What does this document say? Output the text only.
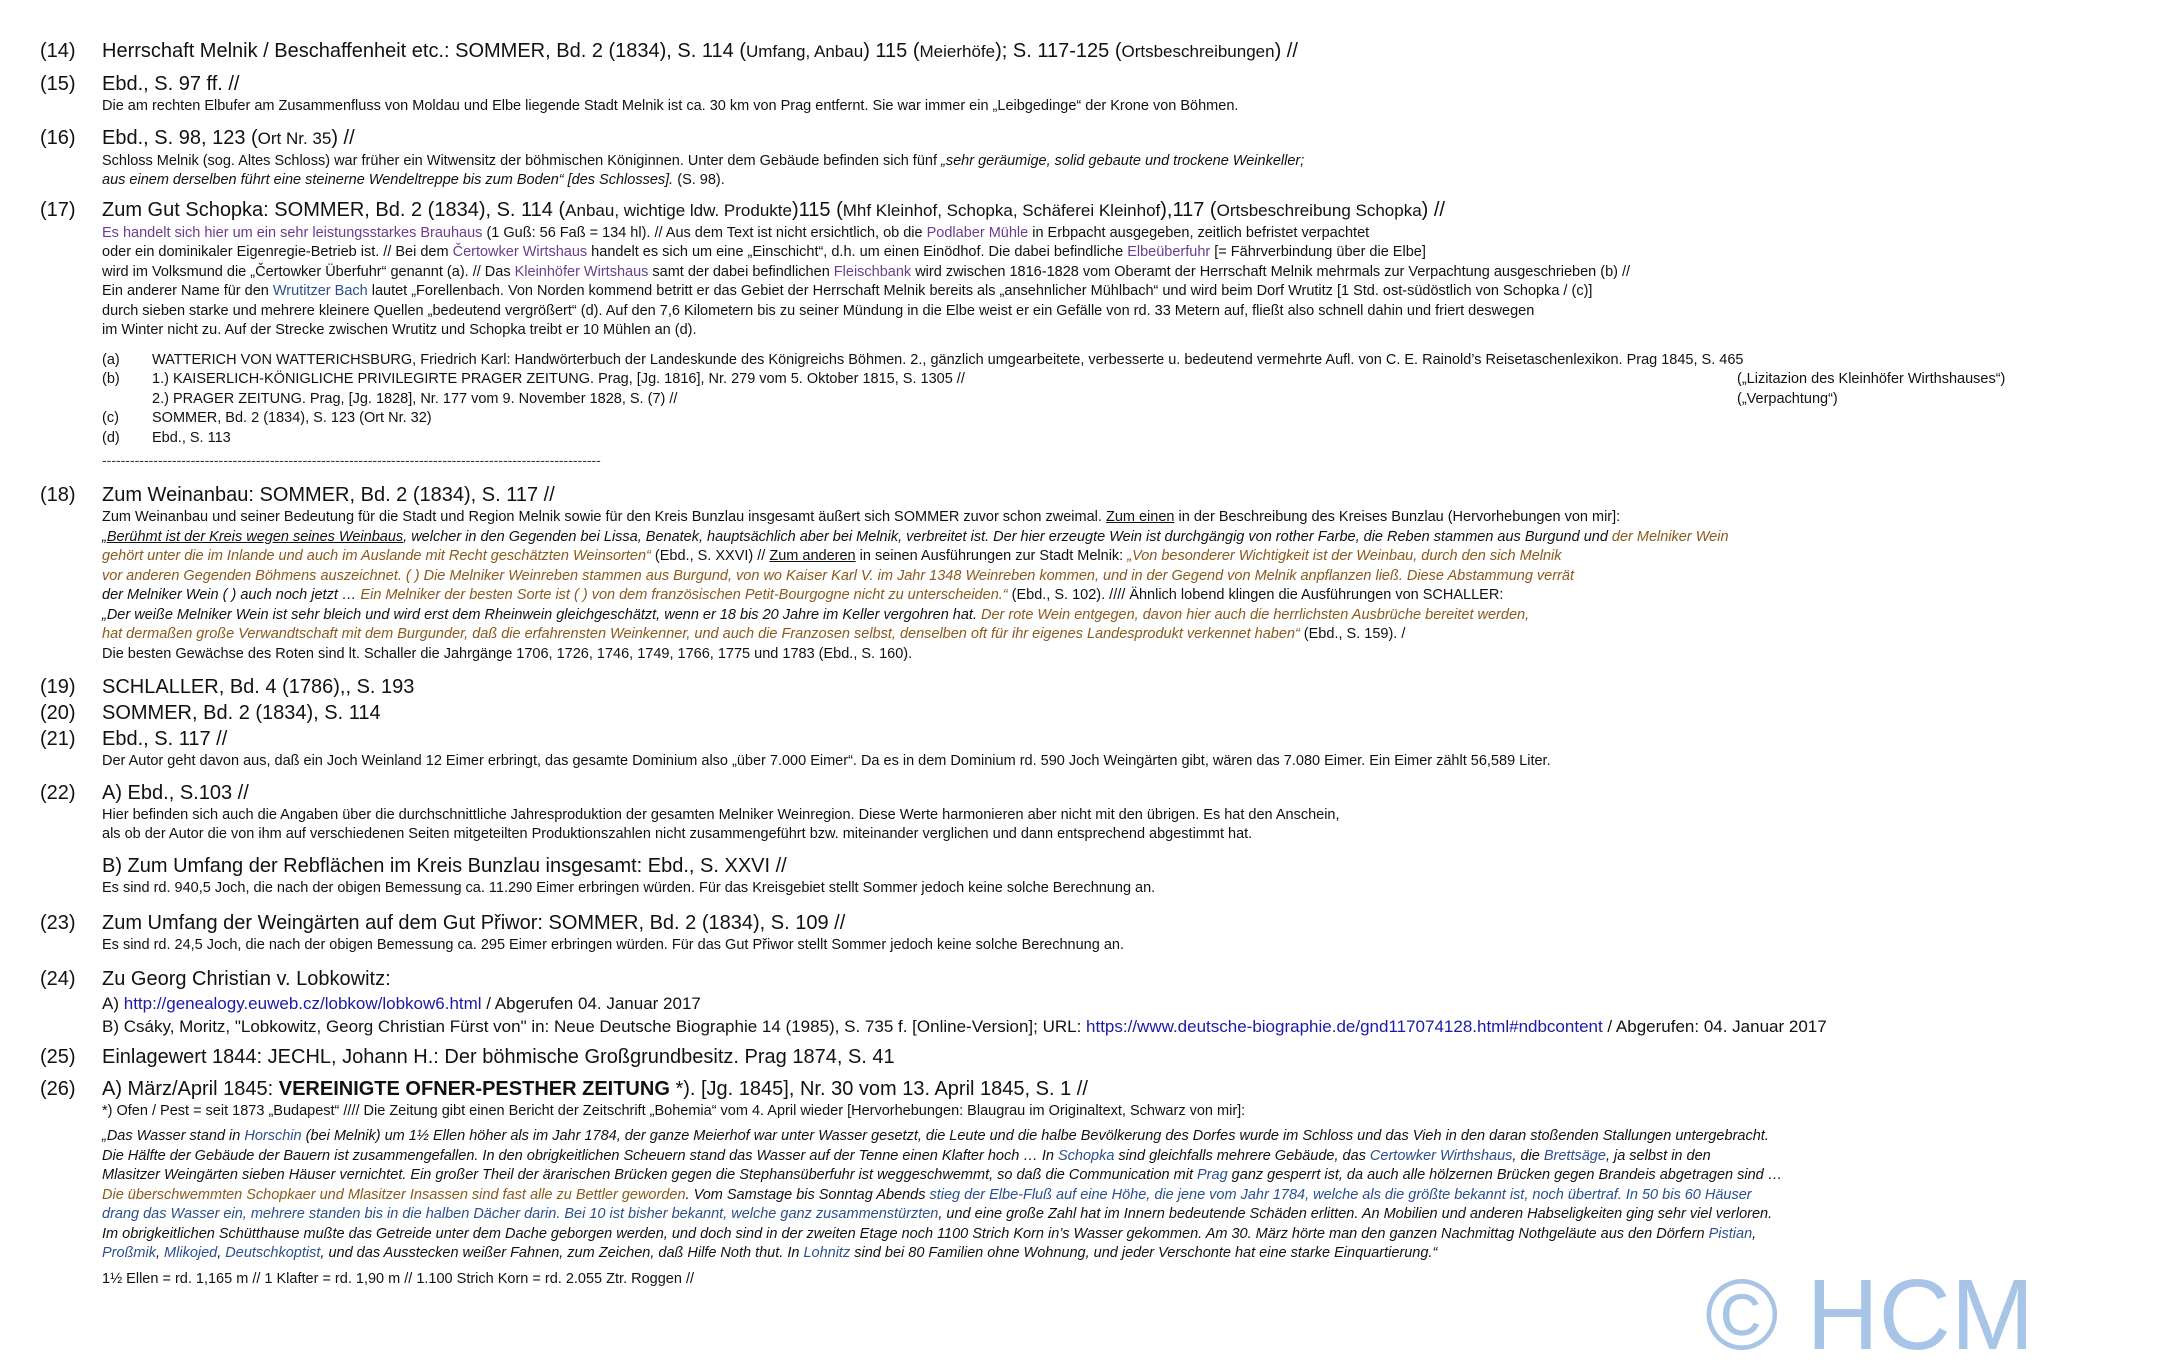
(14) Herrschaft Melnik / Beschaffenheit etc.: SOMMER, Bd. 2 (1834), S. 114 (Umfang, Anbau) 115 (Meierhöfe); S. 117-125 (Ortsbeschreibungen) //
(15) Ebd., S. 97 ff. //
Die am rechten Elbufer am Zusammenfluss von Moldau und Elbe liegende Stadt Melnik ist ca. 30 km von Prag entfernt. Sie war immer ein „Leibgedinge“ der Krone von Böhmen.
(16) Ebd., S. 98, 123 (Ort Nr. 35) //
Schloss Melnik (sog. Altes Schloss) war früher ein Witwensitz der böhmischen Königinnen. Unter dem Gebäude befinden sich fünf „sehr geräumige, solid gebaute und trockene Weinkeller;
aus einem derselben führt eine steinerne Wendeltreppe bis zum Boden“ [des Schlosses]. (S. 98).
(17) Zum Gut Schopka: SOMMER, Bd. 2 (1834), S. 114 (Anbau, wichtige ldw. Produkte)115 (Mhf Kleinhof, Schopka, Schäferei Kleinhof),117 (Ortsbeschreibung Schopka) //
Es handelt sich hier um ein sehr leistungsstarkes Brauhaus (1 Guß: 56 Faß = 134 hl). // Aus dem Text ist nicht ersichtlich, ob die Podlaber Mühle in Erbpacht ausgegeben, zeitlich befristet verpachtet
oder ein dominikaler Eigenregie-Betrieb ist. // Bei dem Čertowker Wirtshaus handelt es sich um eine „Einschicht“, d.h. um einen Einödhof. Die dabei befindliche Elbeüberfuhr [= Fährverbindung über die Elbe]
wird im Volksmund die „Čertowker Überfuhr“ genannt (a). // Das Kleinhöfer Wirtshaus samt der dabei befindlichen Fleischbank wird zwischen 1816-1828 vom Oberamt der Herrschaft Melnik mehrmals zur Verpachtung ausgeschrieben (b) //
Ein anderer Name für den Wrutitzer Bach lautet „Forellenbach. Von Norden kommend betritt er das Gebiet der Herrschaft Melnik bereits als „ansehnlicher Mühlbach“ und wird beim Dorf Wrutitz [1 Std. ost-südöstlich von Schopka / (c)]
durch sieben starke und mehrere kleinere Quellen „bedeutend vergrößert“ (d). Auf den 7,6 Kilometern bis zu seiner Mündung in die Elbe weist er ein Gefälle von rd. 33 Metern auf, fließt also schnell dahin und friert deswegen
im Winter nicht zu. Auf der Strecke zwischen Wrutitz und Schopka treibt er 10 Mühlen an (d).
(a)	WATTERICH VON WATTERICHSBURG, Friedrich Karl: Handwörterbuch der Landeskunde des Königreichs Böhmen. 2., gänzlich umgearbeitete, verbesserte u. bedeutend vermehrte Aufl. von C. E. Rainold’s Reisetaschenlexikon. Prag 1845, S. 465
(b)	1.) KAISERLICH-KÖNIGLICHE PRIVILEGIRTE PRAGER ZEITUNG. Prag, [Jg. 1816], Nr. 279 vom 5. Oktober 1815, S. 1305 //	(„Lizitazion des Kleinhöfer Wirthshauses“)
2.) PRAGER ZEITUNG. Prag, [Jg. 1828], Nr. 177 vom 9. November 1828, S. (7) //	(„Verpachtung“)
(c)	SOMMER, Bd. 2 (1834), S. 123 (Ort Nr. 32)
(d)	Ebd., S. 113
-----------------------------------------------------------------------------------------------------------
(18) Zum Weinanbau: SOMMER, Bd. 2 (1834), S. 117 //
Zum Weinanbau und seiner Bedeutung für die Stadt und Region Melnik sowie für den Kreis Bunzlau insgesamt äußert sich SOMMER zuvor schon zweimal. Zum einen in der Beschreibung des Kreises Bunzlau (Hervorhebungen von mir]:
„Berühmt ist der Kreis wegen seines Weinbaus, welcher in den Gegenden bei Lissa, Benatek, hauptsächlich aber bei Melnik, verbreitet ist. Der hier erzeugte Wein ist durchgängig von rother Farbe, die Reben stammen aus Burgund und der Melniker Wein
gehört unter die im Inlande und auch im Auslande mit Recht geschätzten Weinsorten“ (Ebd., S. XXVI) // Zum anderen in seinen Ausführungen zur Stadt Melnik: „Von besonderer Wichtigkeit ist der Weinbau, durch den sich Melnik
vor anderen Gegenden Böhmens auszeichnet. ( ) Die Melniker Weinreben stammen aus Burgund, von wo Kaiser Karl V. im Jahr 1348 Weinreben kommen, und in der Gegend von Melnik anpflanzen ließ. Diese Abstammung verrät
der Melniker Wein ( ) auch noch jetzt … Ein Melniker der besten Sorte ist ( ) von dem französischen Petit-Bourgogne nicht zu unterscheiden.“ (Ebd., S. 102). //// Ähnlich lobend klingen die Ausführungen von SCHALLER:
„Der weiße Melniker Wein ist sehr bleich und wird erst dem Rheinwein gleichgeschätzt, wenn er 18 bis 20 Jahre im Keller vergohren hat. Der rote Wein entgegen, davon hier auch die herrlichsten Ausbrüche bereitet werden,
hat dermaßen große Verwandtschaft mit dem Burgunder, daß die erfahrensten Weinkenner, und auch die Franzosen selbst, denselben oft für ihr eigenes Landesprodukt verkennet haben“ (Ebd., S. 159). /
Die besten Gewächse des Roten sind lt. Schaller die Jahrgänge 1706, 1726, 1746, 1749, 1766, 1775 und 1783 (Ebd., S. 160).
(19) SCHLALLER, Bd. 4 (1786),, S. 193
(20) SOMMER, Bd. 2 (1834), S. 114
(21) Ebd., S. 117 //
Der Autor geht davon aus, daß ein Joch Weinland 12 Eimer erbringt, das gesamte Dominium also „über 7.000 Eimer“. Da es in dem Dominium rd. 590 Joch Weingärten gibt, wären das 7.080 Eimer. Ein Eimer zählt 56,589 Liter.
(22) A) Ebd., S.103 //
Hier befinden sich auch die Angaben über die durchschnittliche Jahresproduktion der gesamten Melniker Weinregion. Diese Werte harmonieren aber nicht mit den übrigen. Es hat den Anschein,
als ob der Autor die von ihm auf verschiedenen Seiten mitgeteilten Produktionszahlen nicht zusammengeführt bzw. miteinander verglichen und dann entsprechend abgestimmt hat.
B) Zum Umfang der Rebflächen im Kreis Bunzlau insgesamt: Ebd., S. XXVI //
Es sind rd. 940,5 Joch, die nach der obigen Bemessung ca. 11.290 Eimer erbringen würden. Für das Kreisgebiet stellt Sommer jedoch keine solche Berechnung an.
(23) Zum Umfang der Weingärten auf dem Gut Přiwor: SOMMER, Bd. 2 (1834), S. 109 //
Es sind rd. 24,5 Joch, die nach der obigen Bemessung ca. 295 Eimer erbringen würden. Für das Gut Přiwor stellt Sommer jedoch keine solche Berechnung an.
(24) Zu Georg Christian v. Lobkowitz:
A) http://genealogy.euweb.cz/lobkow/lobkow6.html / Abgerufen 04. Januar 2017
B) Csáky, Moritz, "Lobkowitz, Georg Christian Fürst von" in: Neue Deutsche Biographie 14 (1985), S. 735 f. [Online-Version]; URL: https://www.deutsche-biographie.de/gnd117074128.html#ndbcontent / Abgerufen: 04. Januar 2017
(25) Einlagewert 1844: JECHL, Johann H.: Der böhmische Großgrundbesitz. Prag 1874, S. 41
(26) A) März/April 1845: VEREINIGTE OFNER-PESTHER ZEITUNG *). [Jg. 1845], Nr. 30 vom 13. April 1845, S. 1 //
*) Ofen / Pest = seit 1873 „Budapest“ //// Die Zeitung gibt einen Bericht der Zeitschrift „Bohemia“ vom 4. April wieder [Hervorhebungen: Blaugrau im Originaltext, Schwarz von mir]:
„Das Wasser stand in Horschin (bei Melnik) um 1½ Ellen höher als im Jahr 1784, der ganze Meierhof war unter Wasser gesetzt, die Leute und die halbe Bevölkerung des Dorfes wurde im Schloss und das Vieh in den daran stoßenden Stallungen untergebracht.
Die Hälfte der Gebäude der Bauern ist zusammengefallen. In den obrigkeitlichen Scheuern stand das Wasser auf der Tenne einen Klafter hoch … In Schopka sind gleichfalls mehrere Gebäude, das Certowker Wirthshaus, die Brettsäge, ja selbst in den
Mlasitzer Weingärten sieben Häuser vernichtet. Ein großer Theil der ärarischen Brücken gegen die Stephansüberfuhr ist weggeschwemmt, so daß die Communication mit Prag ganz gesperrt ist, da auch alle hölzernen Brücken gegen Brandeis abgetragen sind …
Die überschwemmten Schopkaer und Mlasitzer Insassen sind fast alle zu Bettler geworden. Vom Samstage bis Sonntag Abends stieg der Elbe-Fluß auf eine Höhe, die jene vom Jahr 1784, welche als die größte bekannt ist, noch übertraf. In 50 bis 60 Häuser
drang das Wasser ein, mehrere standen bis in die halben Dächer darin. Bei 10 ist bisher bekannt, welche ganz zusammenstürzten, und eine große Zahl hat im Innern bedeutende Schäden erlitten. An Mobilien und anderen Habseligkeiten ging sehr viel verloren.
Im obrigkeitlichen Schütthause mußte das Getreide unter dem Dache geborgen werden, und doch sind in der zweiten Etage noch 1100 Strich Korn in’s Wasser gekommen. Am 30. März hörte man den ganzen Nachmittag Nothgeläute aus den Dörfern Pistian,
Proßmik, Mlikojed, Deutschkoptist, und das Ausstecken weißer Fahnen, zum Zeichen, daß Hilfe Noth thut. In Lohnitz sind bei 80 Familien ohne Wohnung, und jeder Verschonte hat eine starke Einquartierung.“
1½ Ellen = rd. 1,165 m // 1 Klafter = rd. 1,90 m // 1.100 Strich Korn = rd. 2.055 Ztr. Roggen //	© HCM
